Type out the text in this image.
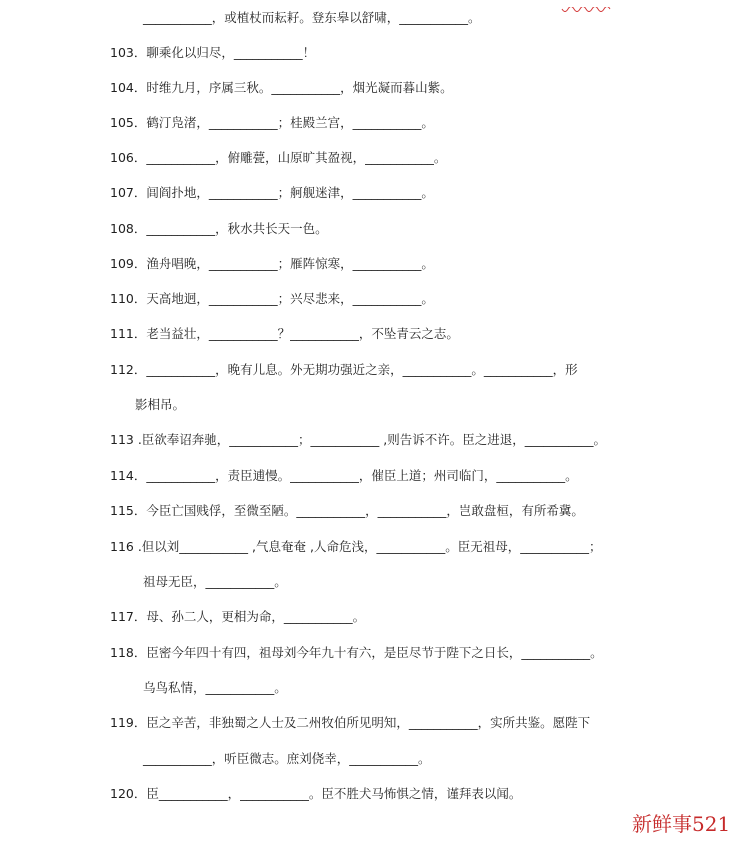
___________，或植杖而耘耔。登东皋以舒啸，___________。
103．聊乘化以归尽，___________！
104．时维九月，序属三秋。___________，烟光凝而暮山紫。
105．鹤汀凫渚，___________；桂殿兰宫，___________。
106．___________，俯雕甍，山原旷其盈视，___________。
107．闾阎扑地，___________；舸舰迷津，___________。
108．___________，秋水共长天一色。
109．渔舟唱晚，___________；雁阵惊寒，___________。
110．天高地迥，___________；兴尽悲来，___________。
111．老当益壮，___________？___________，不坠青云之志。
112．___________，晚有儿息。外无期功强近之亲，___________。___________，形
影相吊。
113 .臣欲奉诏奔驰，___________；___________ ,则告诉不许。臣之进退，___________。
114．___________，责臣逋慢。___________，催臣上道；州司临门，___________。
115．今臣亡国贱俘，至微至陋。___________，___________，岂敢盘桓，有所希冀。
116 .但以刘___________ ,气息奄奄 ,人命危浅，___________。臣无祖母，___________；
祖母无臣，___________。
117．母、孙二人，更相为命，___________。
118．臣密今年四十有四，祖母刘今年九十有六，是臣尽节于陛下之日长，___________。
乌鸟私情，___________。
119．臣之辛苦，非独蜀之人士及二州牧伯所见明知，___________，实所共鉴。愿陛下
___________，听臣微志。庶刘侥幸，___________。
120．臣___________，___________。臣不胜犬马怖惧之情，谨拜表以闻。
新鲜事521
